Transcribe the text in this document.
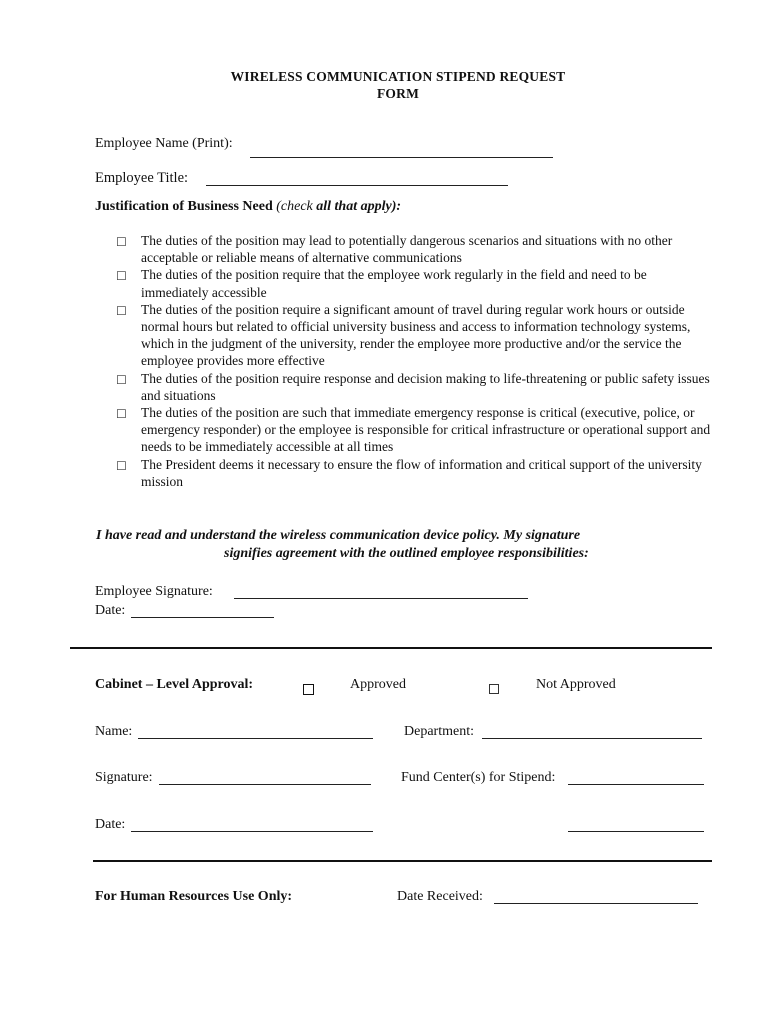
WIRELESS COMMUNICATION STIPEND REQUEST
FORM
Employee Name (Print):
Employee Title:
Justification of Business Need (check all that apply):
☐ The duties of the position may lead to potentially dangerous scenarios and situations with no other acceptable or reliable means of alternative communications
☐ The duties of the position require that the employee work regularly in the field and need to be immediately accessible
☐ The duties of the position require a significant amount of travel during regular work hours or outside normal hours but related to official university business and access to information technology systems, which in the judgment of the university, render the employee more productive and/or the service the employee provides more effective
☐ The duties of the position require response and decision making to life-threatening or public safety issues and situations
☐ The duties of the position are such that immediate emergency response is critical (executive, police, or emergency responder) or the employee is responsible for critical infrastructure or operational support and needs to be immediately accessible at all times
☐ The President deems it necessary to ensure the flow of information and critical support of the university mission
I have read and understand the wireless communication device policy. My signature
signifies agreement with the outlined employee responsibilities:
Employee Signature:
Date:
Cabinet – Level Approval:	Approved	Not Approved
Name:	Department:
Signature:	Fund Center(s) for Stipend:
Date:
For Human Resources Use Only:	Date Received:
